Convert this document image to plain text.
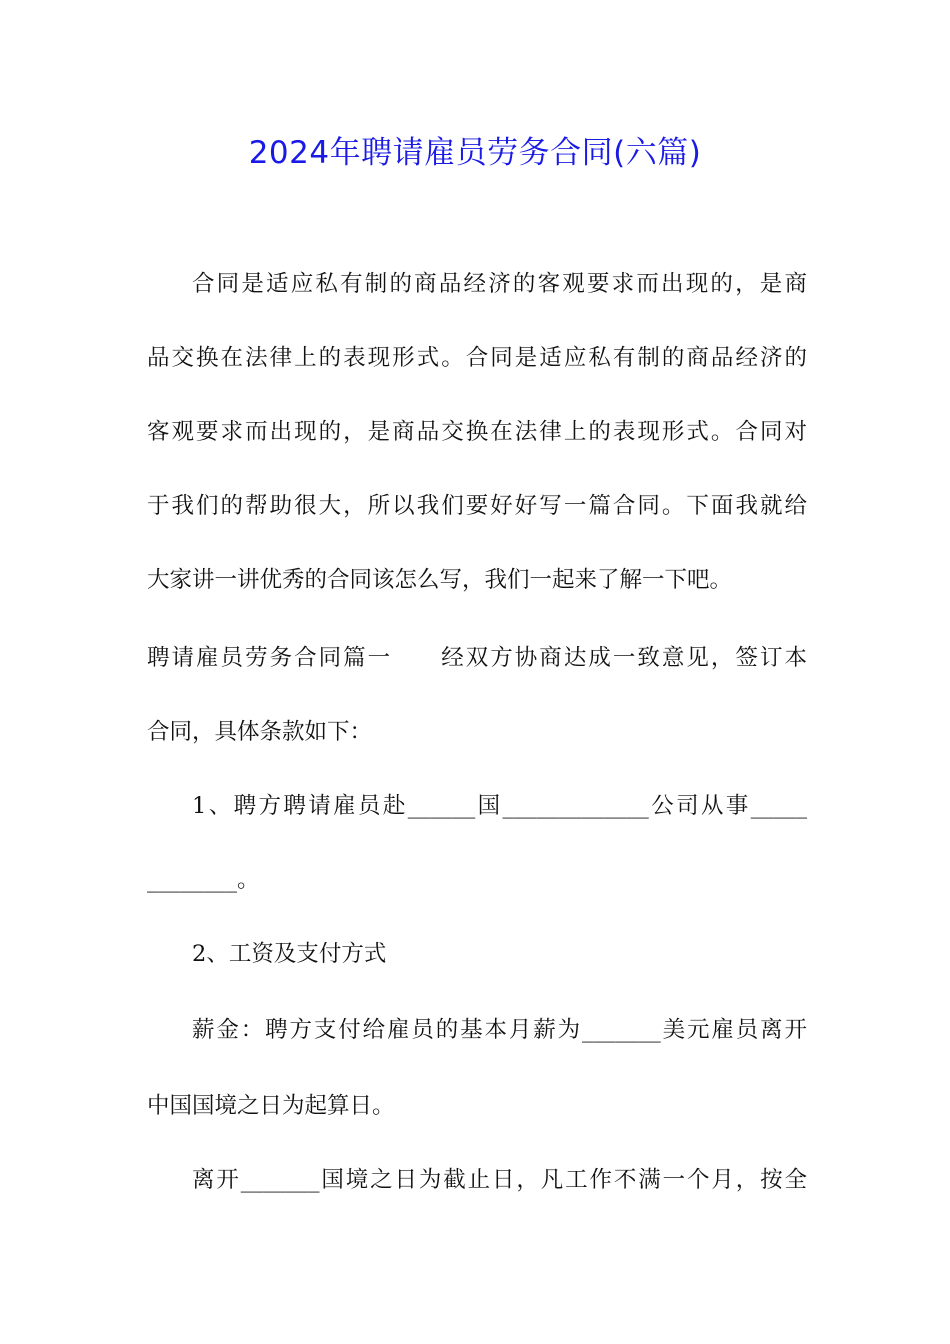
2024年聘请雇员劳务合同(六篇)
合同是适应私有制的商品经济的客观要求而出现的，是商
品交换在法律上的表现形式。合同是适应私有制的商品经济的
客观要求而出现的，是商品交换在法律上的表现形式。合同对
于我们的帮助很大，所以我们要好好写一篇合同。下面我就给
大家讲一讲优秀的合同该怎么写，我们一起来了解一下吧。
聘请雇员劳务合同篇一　　经双方协商达成一致意见，签订本
合同，具体条款如下：
1、聘方聘请雇员赴______国_____________公司从事_____
________。
2、工资及支付方式
薪金：聘方支付给雇员的基本月薪为_______美元雇员离开
中国国境之日为起算日。
离开_______国境之日为截止日，凡工作不满一个月，按全
